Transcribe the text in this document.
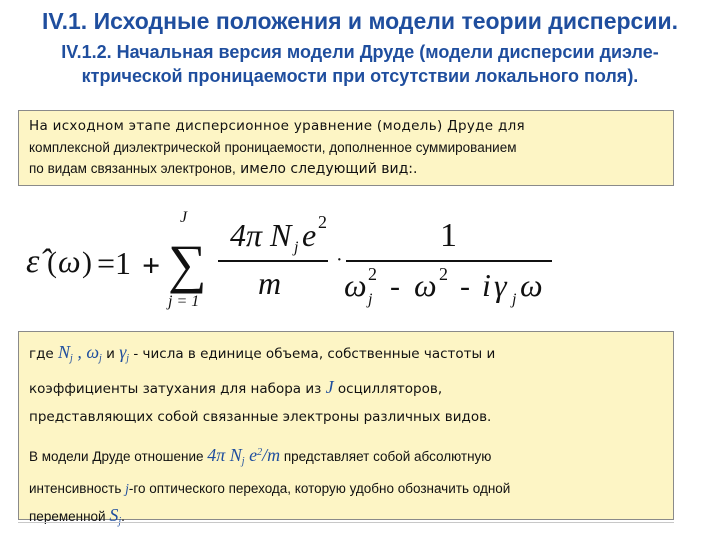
IV.1. Исходные положения и модели теории дисперсии.
IV.1.2. Начальная версия модели Друде (модели дисперсии диэле-ктрической проницаемости при отсутствии локального поля).
На исходном этапе дисперсионное уравнение (модель) Друде для
комплексной диэлектрической проницаемости, дополненное суммированием
по видам связанных электронов, имело следующий вид:.
ε̂ ( ω ) =1 +
J
∑
j = 1
4π N j e 2
m
·
1
ω 2
j - ω 2 - i γ j ω
где $N_j$ , $\omega_j$ и $\gamma_j$ - числа в единице объема, собственные частоты и
коэффициенты затухания для набора из J осцилляторов,
представляющих собой связанные электроны различных видов.
В модели Друде отношение 4π $N_j$ $e^2/m$ представляет собой абсолютную
интенсивность j-го оптического перехода, которую удобно обозначить одной
переменной $S_j$.
